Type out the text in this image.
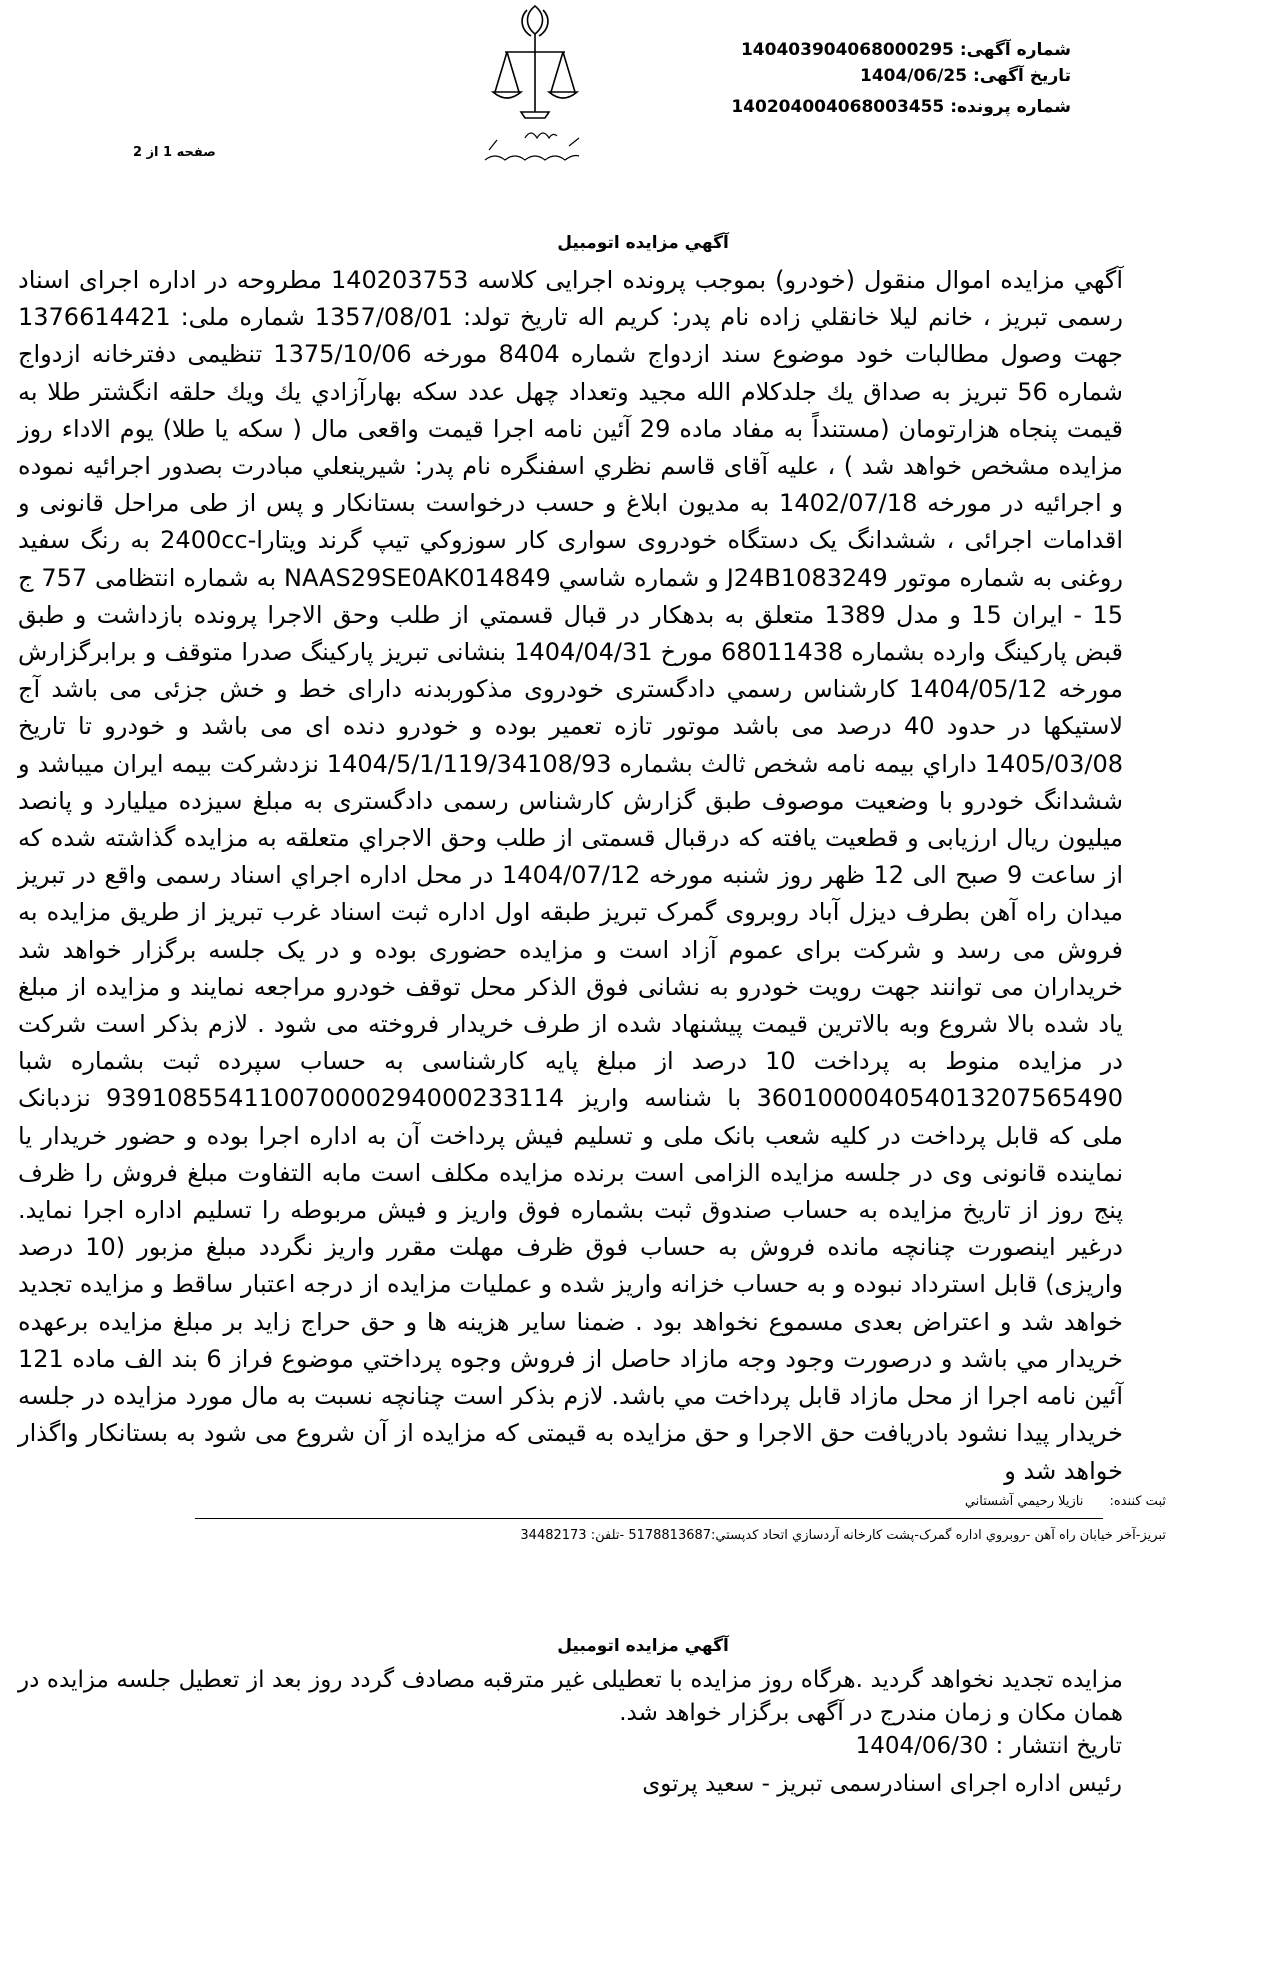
شماره آگهی: 140403904068000295
تاریخ آگهی: 1404/06/25
شماره پرونده: 140204004068003455
صفحه 1 از 2
آگهي مزايده اتومبيل
آگهي مزايده اموال منقول (خودرو) بموجب پرونده اجرایی کلاسه 140203753 مطروحه در اداره اجرای اسناد رسمی تبریز ، خانم لیلا خانقلي زاده نام پدر: کریم اله تاریخ تولد: 1357/08/01 شماره ملی: 1376614421 جهت وصول مطالبات خود موضوع سند ازدواج شماره 8404 مورخه 1375/10/06 تنظیمی دفترخانه ازدواج شماره 56 تبریز به صداق يك جلدكلام الله مجيد وتعداد چهل عدد سكه بهارآزادي يك ويك حلقه انگشتر طلا به قيمت پنجاه هزارتومان (مستنداً به مفاد ماده 29 آئین نامه اجرا قیمت واقعی مال ( سکه یا طلا) یوم الاداء روز مزایده مشخص خواهد شد ) ، علیه آقای قاسم نظري اسفنگره نام پدر: شيرينعلي مبادرت بصدور اجرائیه نموده و اجرائیه در مورخه 1402/07/18 به مدیون ابلاغ و حسب درخواست بستانکار و پس از طی مراحل قانونی و اقدامات اجرائی ، ششدانگ یک دستگاه خودروی سواری کار سوزوكي تيپ گرند ويتارا-2400cc به رنگ سفيد روغنی به شماره موتور J24B1083249 و شماره شاسي NAAS29SE0AK014849 به شماره انتظامی 757 ج 15 - ایران 15 و مدل 1389 متعلق به بدهکار در قبال قسمتي از طلب وحق الاجرا پرونده بازداشت و طبق قبض پارکینگ وارده بشماره 68011438 مورخ 1404/04/31 بنشانی تبریز پارکینگ صدرا متوقف و برابرگزارش مورخه 1404/05/12 کارشناس رسمي دادگستری خودروی مذکوربدنه دارای خط و خش جزئی می باشد آج لاستیکها در حدود 40 درصد می باشد موتور تازه تعمیر بوده و خودرو دنده ای می باشد و خودرو تا تاریخ 1405/03/08 داراي بیمه نامه شخص ثالث بشماره 1404/5/1/119/34108/93 نزدشرکت بیمه ایران میباشد و ششدانگ خودرو با وضعیت موصوف طبق گزارش کارشناس رسمی دادگستری به مبلغ سیزده میلیارد و پانصد میلیون ریال ارزیابی و قطعیت یافته که درقبال قسمتی از طلب وحق الاجراي متعلقه به مزايده گذاشته شده که از ساعت 9 صبح الی 12 ظهر روز شنبه مورخه 1404/07/12 در محل اداره اجراي اسناد رسمی واقع در تبریز میدان راه آهن بطرف دیزل آباد روبروی گمرک تبریز طبقه اول اداره ثبت اسناد غرب تبریز از طريق مزايده به فروش می رسد و شرکت برای عموم آزاد است و مزایده حضوری بوده و در یک جلسه برگزار خواهد شد خریداران می توانند جهت رویت خودرو به نشانی فوق الذکر محل توقف خودرو مراجعه نمایند و مزایده از مبلغ یاد شده بالا شروع وبه بالاترین قیمت پیشنهاد شده از طرف خریدار فروخته می شود . لازم بذکر است شرکت در مزایده منوط به پرداخت 10 درصد از مبلغ پایه کارشناسی به حساب سپرده ثبت بشماره شبا 360100004054013207565490 با شناسه واریز 939108554110070000294000233114 نزدبانک ملی که قابل پرداخت در کلیه شعب بانک ملی و تسلیم فیش پرداخت آن به اداره اجرا بوده و حضور خریدار یا نماینده قانونی وی در جلسه مزایده الزامی است برنده مزایده مکلف است مابه التفاوت مبلغ فروش را ظرف پنج روز از تاریخ مزایده به حساب صندوق ثبت بشماره فوق واریز و فیش مربوطه را تسلیم اداره اجرا نماید. درغیر اینصورت چنانچه مانده فروش به حساب فوق ظرف مهلت مقرر واریز نگردد مبلغ مزبور (10 درصد واریزی) قابل استرداد نبوده و به حساب خزانه واریز شده و عملیات مزایده از درجه اعتبار ساقط و مزایده تجدید خواهد شد و اعتراض بعدی مسموع نخواهد بود . ضمنا سایر هزینه ها و حق حراج زاید بر مبلغ مزایده برعهده خریدار مي باشد و درصورت وجود وجه مازاد حاصل از فروش وجوه پرداختي موضوع فراز 6 بند الف ماده 121 آئین نامه اجرا از محل مازاد قابل پرداخت مي باشد. لازم بذکر است چنانچه نسبت به مال مورد مزایده در جلسه خریدار پیدا نشود بادریافت حق الاجرا و حق مزایده به قیمتی که مزایده از آن شروع می شود به بستانکار واگذار خواهد شد و
ثبت کننده: نازیلا رحیمي آشستاني
تبريز-آخر خيابان راه آهن -روبروي اداره گمرک-پشت کارخانه آردسازي اتحاد کدپستي:5178813687 -تلفن: 34482173
آگهي مزايده اتومبيل
مزایده تجدید نخواهد گردید .هرگاه روز مزایده با تعطیلی غیر مترقبه مصادف گردد روز بعد از تعطیل جلسه مزایده در همان مکان و زمان مندرج در آگهی برگزار خواهد شد.
تاریخ انتشار : 1404/06/30
رئیس اداره اجرای اسنادرسمی تبریز - سعید پرتوی
